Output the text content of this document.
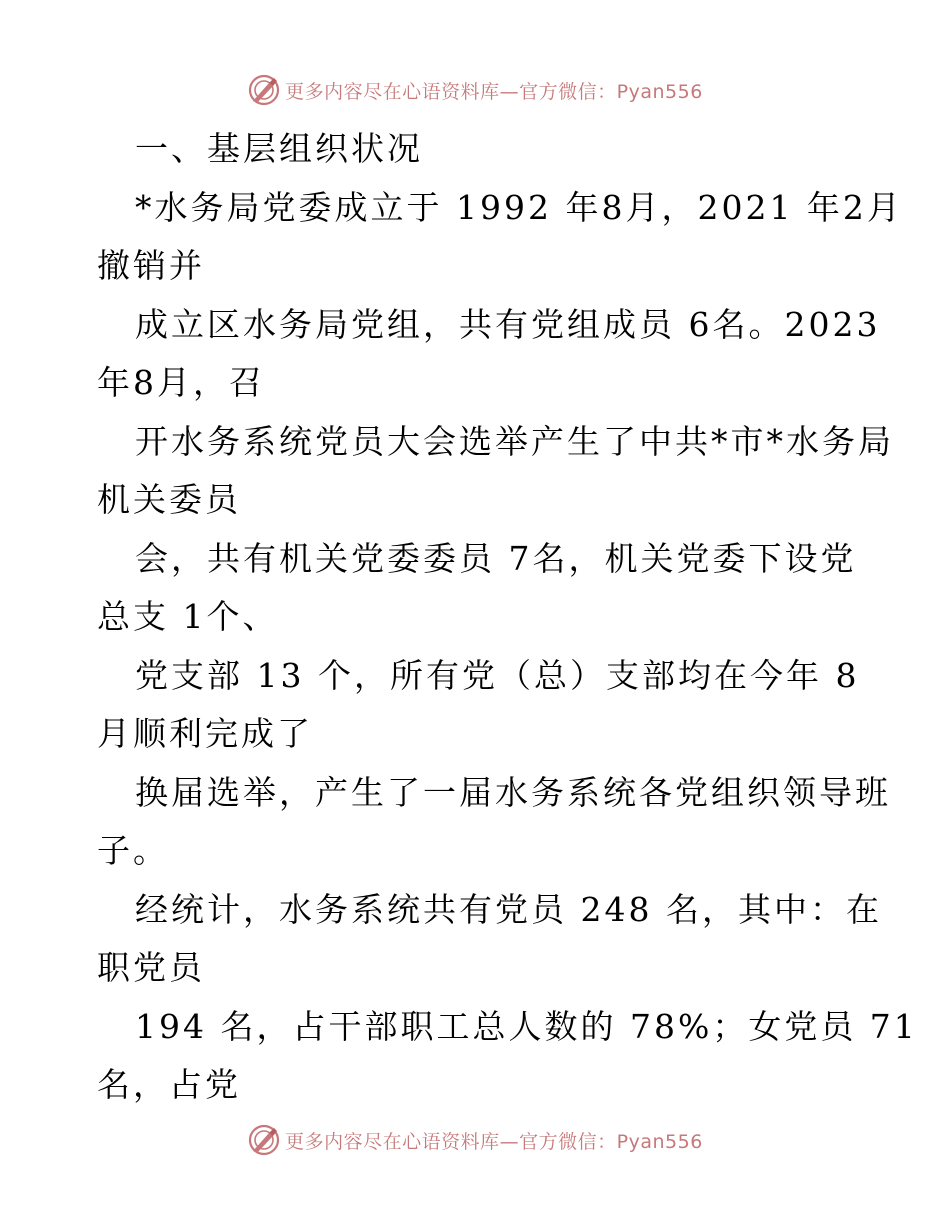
更多内容尽在心语资料库—官方微信：Pyan556
一、基层组织状况
*水务局党委成立于 1992 年8月，2021 年2月
撤销并
成立区水务局党组，共有党组成员 6名。2023
年8月，召
开水务系统党员大会选举产生了中共*市*水务局
机关委员
会，共有机关党委委员 7名，机关党委下设党
总支 1个、
党支部 13 个，所有党（总）支部均在今年 8
月顺利完成了
换届选举，产生了一届水务系统各党组织领导班
子。
经统计，水务系统共有党员 248 名，其中：在
职党员
194 名，占干部职工总人数的 78%；女党员 71
名，占党
更多内容尽在心语资料库—官方微信：Pyan556
